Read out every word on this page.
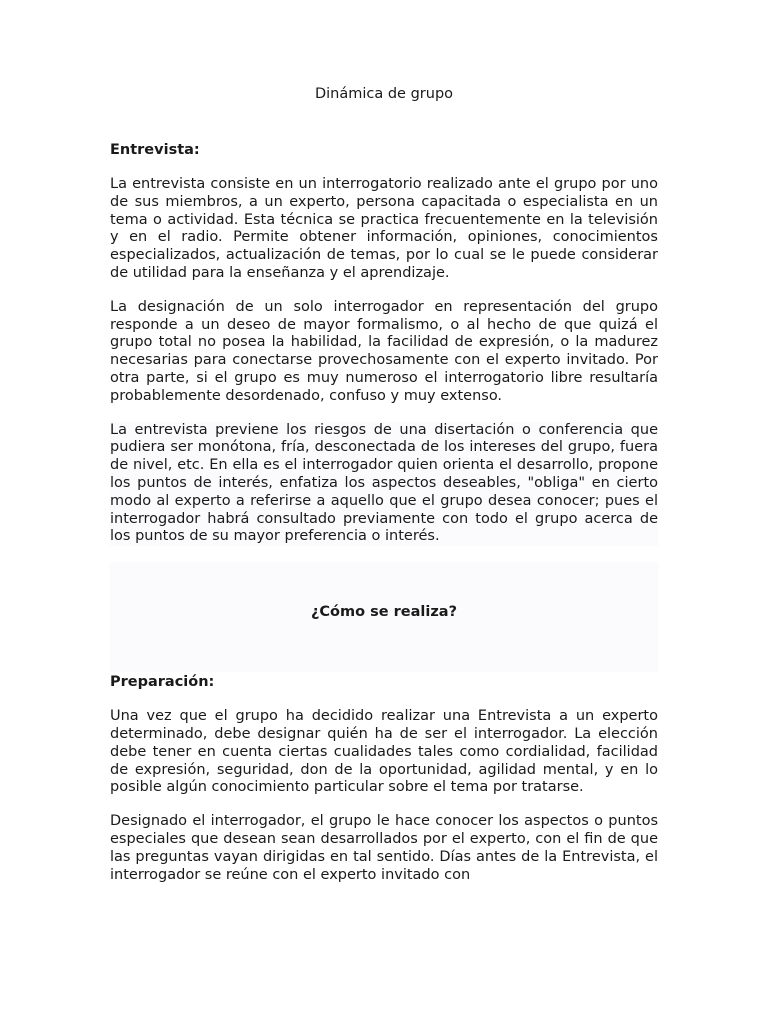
Dinámica de grupo
Entrevista:

La entrevista consiste en un interrogatorio realizado ante el grupo por uno de sus miembros, a un experto, persona capacitada o especialista en un tema o actividad. Esta técnica se practica frecuentemente en la televisión y en el radio. Permite obtener información, opiniones, conocimientos especializados, actualización de temas, por lo cual se le puede considerar de utilidad para la enseñanza y el aprendizaje.

La designación de un solo interrogador en representación del grupo responde a un deseo de mayor formalismo, o al hecho de que quizá el grupo total no posea la habilidad, la facilidad de expresión, o la madurez necesarias para conectarse provechosamente con el experto invitado. Por otra parte, si el grupo es muy numeroso el interrogatorio libre resultaría probablemente desordenado, confuso y muy extenso.

La entrevista previene los riesgos de una disertación o conferencia que pudiera ser monótona, fría, desconectada de los intereses del grupo, fuera de nivel, etc. En ella es el interrogador quien orienta el desarrollo, propone los puntos de interés, enfatiza los aspectos deseables, "obliga" en cierto modo al experto a referirse a aquello que el grupo desea conocer; pues el interrogador habrá consultado previamente con todo el grupo acerca de los puntos de su mayor preferencia o interés.

¿Cómo se realiza?
Preparación:

Una vez que el grupo ha decidido realizar una Entrevista a un experto determinado, debe designar quién ha de ser el interrogador. La elección debe tener en cuenta ciertas cualidades tales como cordialidad, facilidad de expresión, seguridad, don de la oportunidad, agilidad mental, y en lo posible algún conocimiento particular sobre el tema por tratarse.

Designado el interrogador, el grupo le hace conocer los aspectos o puntos especiales que desean sean desarrollados por el experto, con el fin de que las preguntas vayan dirigidas en tal sentido. Días antes de la Entrevista, el interrogador se reúne con el experto invitado con
